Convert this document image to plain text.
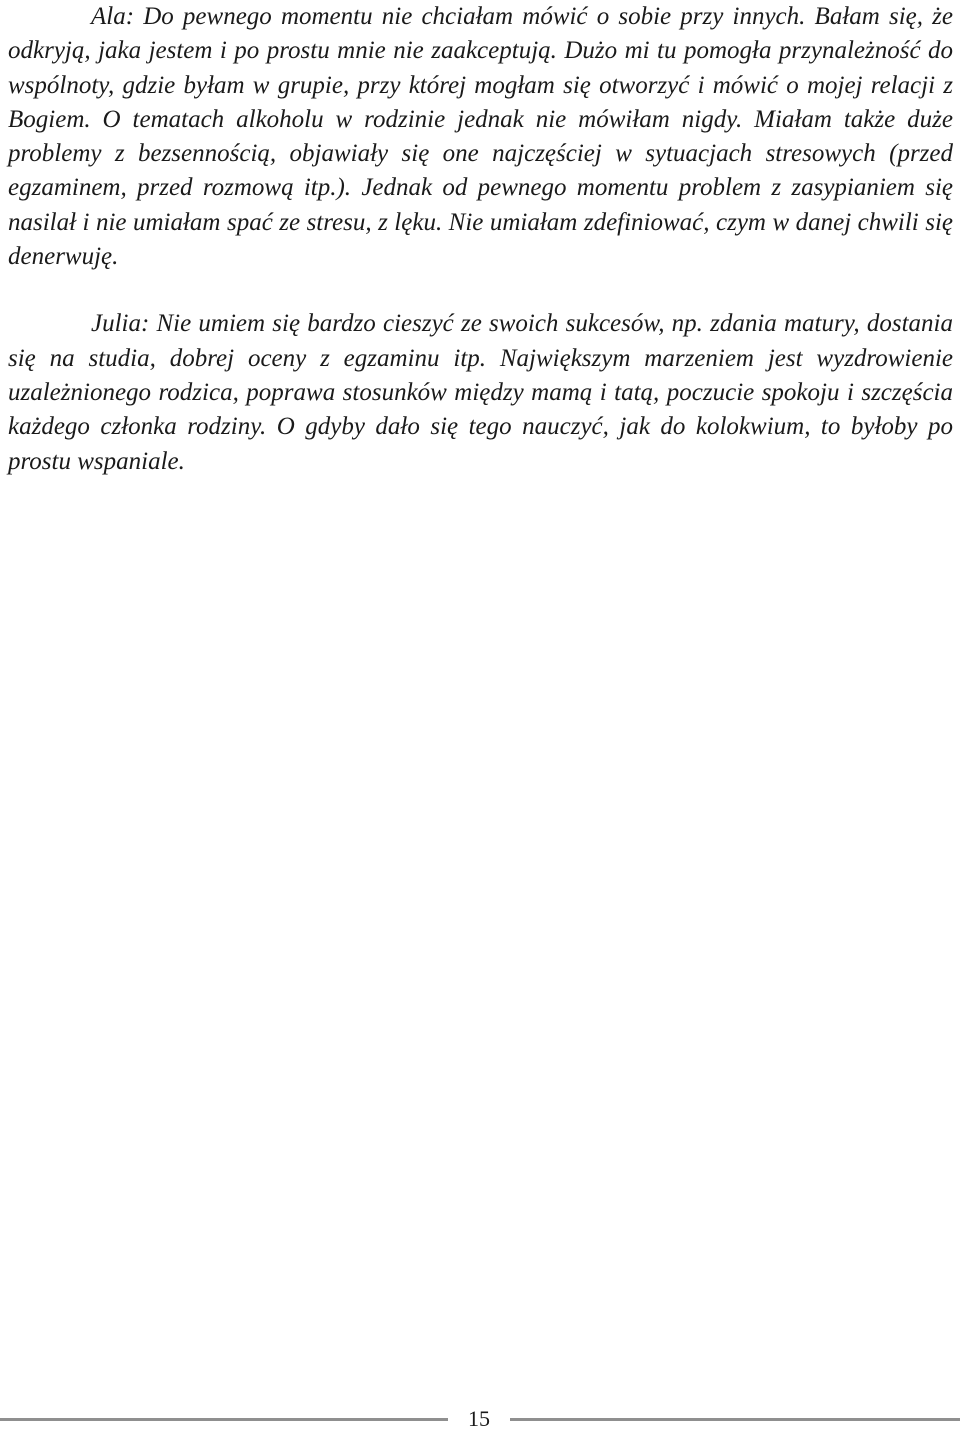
Ala: Do pewnego momentu nie chciałam mówić o sobie przy innych. Bałam się, że odkryją, jaka jestem i po prostu mnie nie zaakceptują. Dużo mi tu pomogła przynależność do wspólnoty, gdzie byłam w grupie, przy której mogłam się otworzyć i mówić o mojej relacji z Bogiem. O tematach alkoholu w rodzinie jednak nie mówiłam nigdy. Miałam także duże problemy z bezsennością, objawiały się one najczęściej w sytuacjach stresowych (przed egzaminem, przed rozmową itp.). Jednak od pewnego momentu problem z zasypianiem się nasilał i nie umiałam spać ze stresu, z lęku. Nie umiałam zdefiniować, czym w danej chwili się denerwuję.

Julia: Nie umiem się bardzo cieszyć ze swoich sukcesów, np. zdania matury, dostania się na studia, dobrej oceny z egzaminu itp. Największym marzeniem jest wyzdrowienie uzależnionego rodzica, poprawa stosunków między mamą i tatą, poczucie spokoju i szczęścia każdego członka rodziny. O gdyby dało się tego nauczyć, jak do kolokwium, to byłoby po prostu wspaniale.

15
